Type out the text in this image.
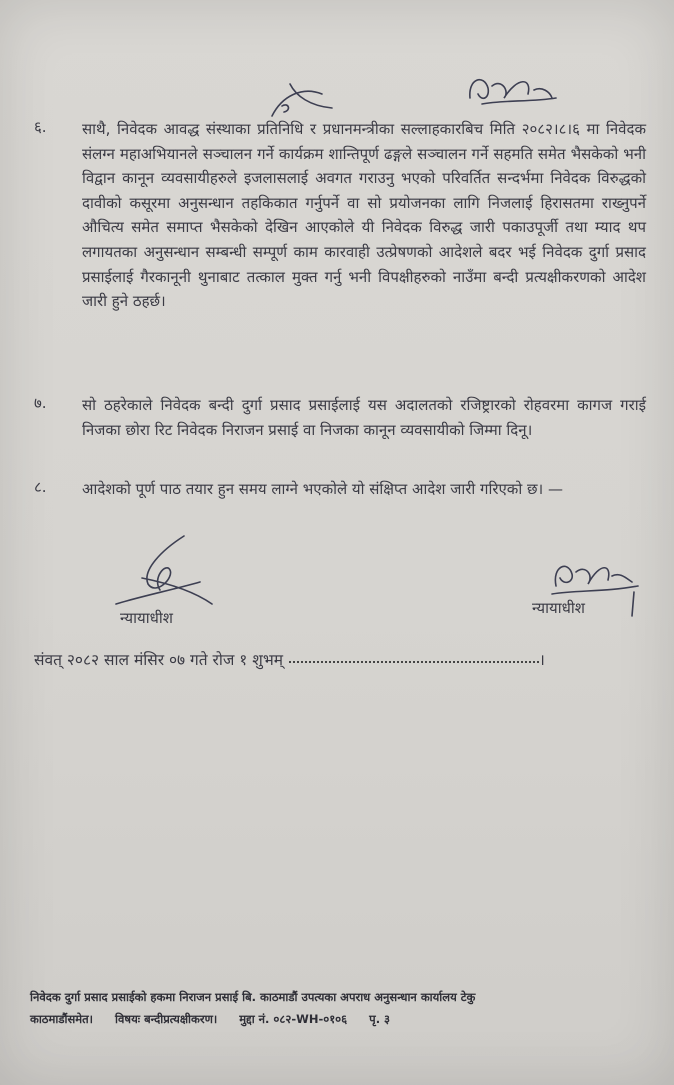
६. साथै, निवेदक आवद्ध संस्थाका प्रतिनिधि र प्रधानमन्त्रीका सल्लाहकारबिच मिति २०८२।८।६ मा निवेदक संलग्न महाअभियानले सञ्चालन गर्ने कार्यक्रम शान्तिपूर्ण ढङ्गले सञ्चालन गर्ने सहमति समेत भैसकेको भनी विद्वान कानून व्यवसायीहरुले इजलासलाई अवगत गराउनु भएको परिवर्तित सन्दर्भमा निवेदक विरुद्धको दावीको कसूरमा अनुसन्धान तहकिकात गर्नुपर्ने वा सो प्रयोजनका लागि निजलाई हिरासतमा राख्नुपर्ने औचित्य समेत समाप्त भैसकेको देखिन आएकोले यी निवेदक विरुद्ध जारी पकाउपूर्जी तथा म्याद थप लगायतका अनुसन्धान सम्बन्धी सम्पूर्ण काम कारवाही उत्प्रेषणको आदेशले बदर भई निवेदक दुर्गा प्रसाद प्रसाईलाई गैरकानूनी थुनाबाट तत्काल मुक्त गर्नु भनी विपक्षीहरुको नाउँमा बन्दी प्रत्यक्षीकरणको आदेश जारी हुने ठहर्छ।
७. सो ठहरेकाले निवेदक बन्दी दुर्गा प्रसाद प्रसाईलाई यस अदालतको रजिष्ट्रारको रोहवरमा कागज गराई निजका छोरा रिट निवेदक निराजन प्रसाई वा निजका कानून व्यवसायीको जिम्मा दिनू।
८. आदेशको पूर्ण पाठ तयार हुन समय लाग्ने भएकोले यो संक्षिप्त आदेश जारी गरिएको छ। —
न्यायाधीश
न्यायाधीश
संवत् २०८२ साल मंसिर ०७ गते रोज १ शुभम्	।
निवेदक दुर्गा प्रसाद प्रसाईको हकमा निराजन प्रसाई बि. काठमाडौं उपत्यका अपराध अनुसन्धान कार्यालय टेकु
काठमाडौंसमेत। विषयः बन्दीप्रत्यक्षीकरण। मुद्दा नं. ०८२-WH-०१०६ पृ. ३
